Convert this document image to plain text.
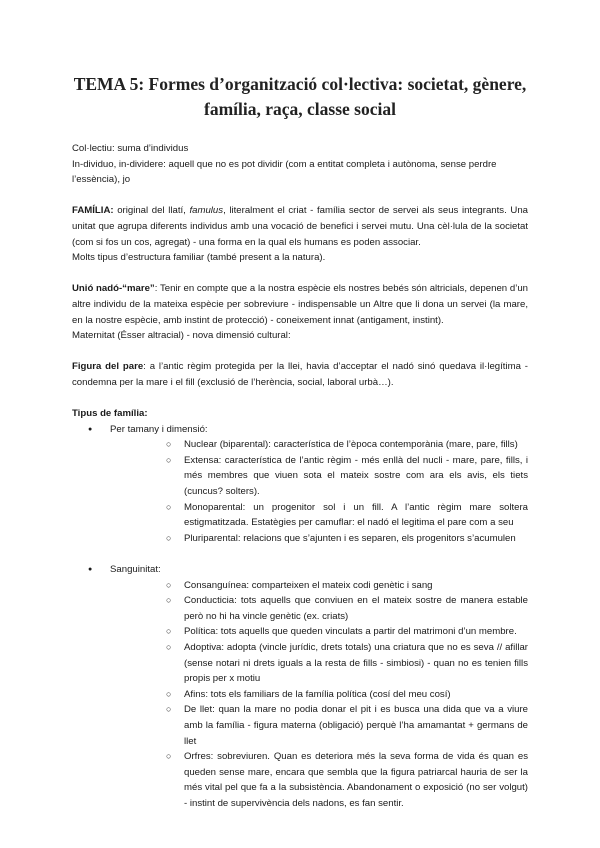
TEMA 5: Formes d’organització col·lectiva: societat, gènere, família, raça, classe social

Col·lectiu: suma d’individus

In-dividuo, in-dividere: aquell que no es pot dividir (com a entitat completa i autònoma, sense perdre l’essència), jo

FAMÍLIA: original del llatí, famulus, literalment el criat - família sector de servei als seus integrants. Una unitat que agrupa diferents individus amb una vocació de benefici i servei mutu. Una cèl·lula de la societat (com si fos un cos, agregat) - una forma en la qual els humans es poden associar.

Molts tipus d’estructura familiar (també present a la natura).

Unió nadó-“mare”: Tenir en compte que a la nostra espècie els nostres bebés són altricials, depenen d’un altre individu de la mateixa espècie per sobreviure - indispensable un Altre que li dona un servei (la mare, en la nostre espècie, amb instint de protecció) - coneixement innat (antigament, instint).

Maternitat (Ésser altracial) - nova dimensió cultural:

Figura del pare: a l’antic règim protegida per la llei, havia d’acceptar el nadó sinó quedava il·legítima - condemna per la mare i el fill (exclusió de l’herència, social, laboral urbà…).

Tipus de família:

● Per tamany i dimensió:
○ Nuclear (biparental): característica de l’època contemporània (mare, pare, fills)
○ Extensa: característica de l’antic règim - més enllà del nucli - mare, pare, fills, i més membres que viuen sota el mateix sostre com ara els avis, els tiets (cuncus? solters).
○ Monoparental: un progenitor sol i un fill. A l’antic règim mare soltera estigmatitzada. Estatègies per camuflar: el nadó el legitima el pare com a seu
○ Pluriparental: relacions que s’ajunten i es separen, els progenitors s’acumulen
● Sanguinitat:
○ Consanguínea: comparteixen el mateix codi genètic i sang
○ Conducticia: tots aquells que conviuen en el mateix sostre de manera estable però no hi ha vincle genètic (ex. criats)
○ Política: tots aquells que queden vinculats a partir del matrimoni d’un membre.
○ Adoptiva: adopta (vincle jurídic, drets totals) una criatura que no es seva // afillar (sense notari ni drets iguals a la resta de fills - simbiosi) - quan no es tenien fills propis per x motiu
○ Afins: tots els familiars de la família política (cosí del meu cosí)
○ De llet: quan la mare no podia donar el pit i es busca una dida que va a viure amb la família - figura materna (obligació) perquè l’ha amamantat + germans de llet
○ Orfres: sobreviuren. Quan es deteriora més la seva forma de vida és quan es queden sense mare, encara que sembla que la figura patriarcal hauria de ser la més vital pel que fa a la subsistència. Abandonament o exposició (no ser volgut) - instint de supervivència dels nadons, es fan sentir.
